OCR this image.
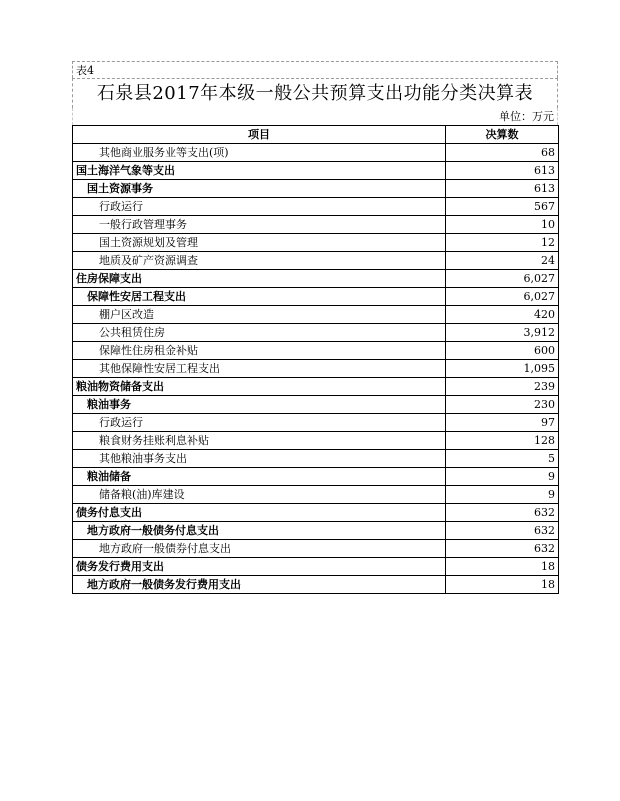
表4
石泉县2017年本级一般公共预算支出功能分类决算表
单位：万元
项目	决算数
其他商业服务业等支出(项)	68
国土海洋气象等支出	613
国土资源事务	613
行政运行	567
一般行政管理事务	10
国土资源规划及管理	12
地质及矿产资源调查	24
住房保障支出	6,027
保障性安居工程支出	6,027
棚户区改造	420
公共租赁住房	3,912
保障性住房租金补贴	600
其他保障性安居工程支出	1,095
粮油物资储备支出	239
粮油事务	230
行政运行	97
粮食财务挂账利息补贴	128
其他粮油事务支出	5
粮油储备	9
储备粮(油)库建设	9
债务付息支出	632
地方政府一般债务付息支出	632
地方政府一般债券付息支出	632
债务发行费用支出	18
地方政府一般债务发行费用支出	18
